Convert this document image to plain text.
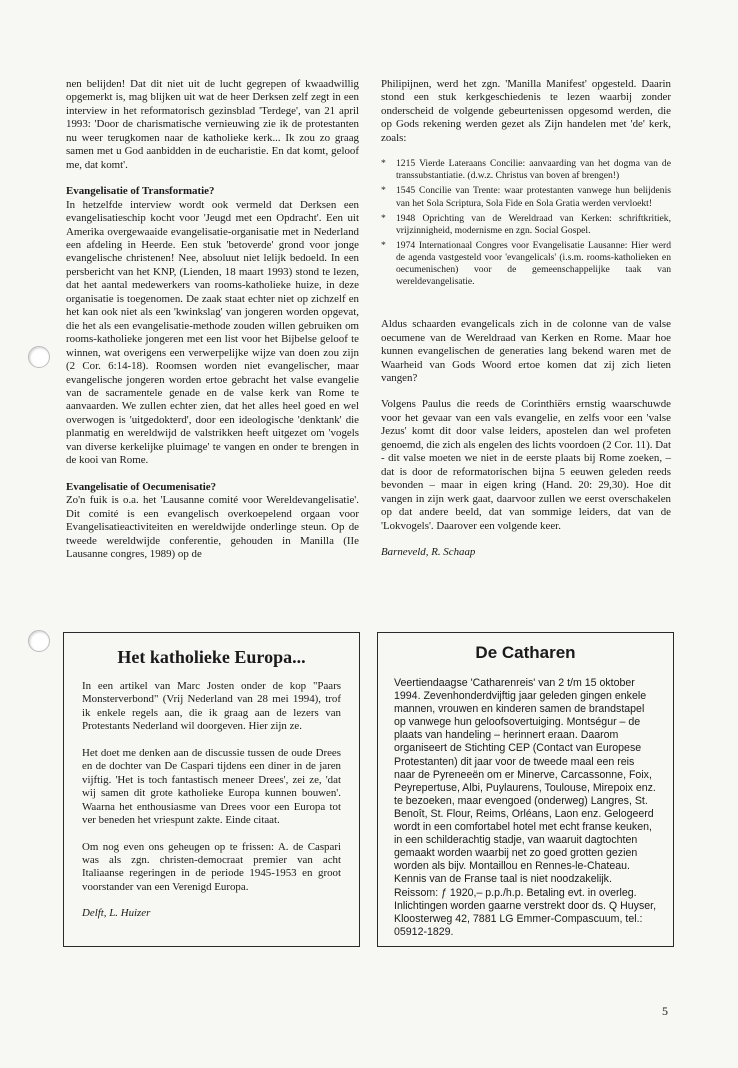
nen belijden! Dat dit niet uit de lucht gegrepen of kwaadwillig opgemerkt is, mag blijken uit wat de heer Derksen zelf zegt in een interview in het reformatorisch gezinsblad 'Terdege', van 21 april 1993: 'Door de charismatische vernieuwing zie ik de protestanten nu weer terugkomen naar de katholieke kerk... Ik zou zo graag samen met u God aanbidden in de eucharistie. En dat komt, geloof me, dat komt'.

Evangelisatie of Transformatie?

In hetzelfde interview wordt ook vermeld dat Derksen een evangelisatieschip kocht voor 'Jeugd met een Opdracht'. Een uit Amerika overgewaaide evangelisatie-organisatie met in Nederland een afdeling in Heerde. Een stuk 'betoverde' grond voor jonge evangelische christenen! Nee, absoluut niet lelijk bedoeld. In een persbericht van het KNP, (Lienden, 18 maart 1993) stond te lezen, dat het aantal medewerkers van rooms-katholieke huize, in deze organisatie is toegenomen. De zaak staat echter niet op zichzelf en het kan ook niet als een 'kwinkslag' van jongeren worden opgevat, die het als een evangelisatie-methode zouden willen gebruiken om rooms-katholieke jongeren met een list voor het Bijbelse geloof te winnen, wat overigens een verwerpelijke wijze van doen zou zijn (2 Cor. 6:14-18). Roomsen worden niet evangelischer, maar evangelische jongeren worden ertoe gebracht het valse evangelie van de sacramentele genade en de valse kerk van Rome te aanvaarden. We zullen echter zien, dat het alles heel goed en wel overwogen is 'uitgedokterd', door een ideologische 'denktank' die planmatig en wereldwijd de valstrikken heeft uitgezet om 'vogels van diverse kerkelijke pluimage' te vangen en onder te brengen in de kooi van Rome.

Evangelisatie of Oecumenisatie?

Zo'n fuik is o.a. het 'Lausanne comité voor Wereldevangelisatie'. Dit comité is een evangelisch overkoepelend orgaan voor Evangelisatieactiviteiten en wereldwijde onderlinge steun. Op de tweede wereldwijde conferentie, gehouden in Manilla (IIe Lausanne congres, 1989) op de

Philipijnen, werd het zgn. 'Manilla Manifest' opgesteld. Daarin stond een stuk kerkgeschiedenis te lezen waarbij zonder onderscheid de volgende gebeurtenissen opgesomd werden, die op Gods rekening werden gezet als Zijn handelen met 'de' kerk, zoals:

* 1215 Vierde Lateraans Concilie: aanvaarding van het dogma van de transsubstantiatie. (d.w.z. Christus van boven af brengen!)
* 1545 Concilie van Trente: waar protestanten vanwege hun belijdenis van het Sola Scriptura, Sola Fide en Sola Gratia werden vervloekt!
* 1948 Oprichting van de Wereldraad van Kerken: schriftkritiek, vrijzinnigheid, modernisme en zgn. Social Gospel.
* 1974 Internationaal Congres voor Evangelisatie Lausanne: Hier werd de agenda vastgesteld voor 'evangelicals' (i.s.m. rooms-katholieken en oecumenischen) voor de gemeenschappelijke taak van wereldevangelisatie.

Aldus schaarden evangelicals zich in de colonne van de valse oecumene van de Wereldraad van Kerken en Rome. Maar hoe kunnen evangelischen de generaties lang bekend waren met de Waarheid van Gods Woord ertoe komen dat zij zich lieten vangen?

Volgens Paulus die reeds de Corinthiërs ernstig waarschuwde voor het gevaar van een vals evangelie, en zelfs voor een 'valse Jezus' komt dit door valse leiders, apostelen dan wel profeten genoemd, die zich als engelen des lichts voordoen (2 Cor. 11). Dat - dit valse moeten we niet in de eerste plaats bij Rome zoeken, – dat is door de reformatorischen bijna 5 eeuwen geleden reeds bevonden – maar in eigen kring (Hand. 20: 29,30). Hoe dit vangen in zijn werk gaat, daarvoor zullen we eerst overschakelen op dat andere beeld, dat van sommige leiders, dat van de 'Lokvogels'. Daarover een volgende keer.

Barneveld, R. Schaap

Het katholieke Europa...

In een artikel van Marc Josten onder de kop "Paars Monsterverbond" (Vrij Nederland van 28 mei 1994), trof ik enkele regels aan, die ik graag aan de lezers van Protestants Nederland wil doorgeven. Hier zijn ze.

Het doet me denken aan de discussie tussen de oude Drees en de dochter van De Caspari tijdens een diner in de jaren vijftig. 'Het is toch fantastisch meneer Drees', zei ze, 'dat wij samen dit grote katholieke Europa kunnen bouwen'. Waarna het enthousiasme van Drees voor een Europa tot ver beneden het vriespunt zakte. Einde citaat.

Om nog even ons geheugen op te frissen: A. de Caspari was als zgn. christen-democraat premier van acht Italiaanse regeringen in de periode 1945-1953 en groot voorstander van een Verenigd Europa.

Delft, L. Huizer

De Catharen
Veertiendaagse 'Catharenreis' van 2 t/m 15 oktober 1994. Zevenhonderdvijftig jaar geleden gingen enkele mannen, vrouwen en kinderen samen de brandstapel op vanwege hun geloofsovertuiging. Montségur – de plaats van handeling – herinnert eraan. Daarom organiseert de Stichting CEP (Contact van Europese Protestanten) dit jaar voor de tweede maal een reis naar de Pyreneeën om er Minerve, Carcassonne, Foix, Peyrepertuse, Albi, Puylaurens, Toulouse, Mirepoix enz. te bezoeken, maar evengoed (onderweg) Langres, St. Benoît, St. Flour, Reims, Orléans, Laon enz. Gelogeerd wordt in een comfortabel hotel met echt franse keuken, in een schilderachtig stadje, van waaruit dagtochten gemaakt worden waarbij net zo goed grotten gezien worden als bijv. Montaillou en Rennes-le-Chateau. Kennis van de Franse taal is niet noodzakelijk. Reissom: ƒ 1920,– p.p./h.p. Betaling evt. in overleg. Inlichtingen worden gaarne verstrekt door ds. Q Huyser, Kloosterweg 42, 7881 LG Emmer-Compascuum, tel.: 05912-1829.
5
